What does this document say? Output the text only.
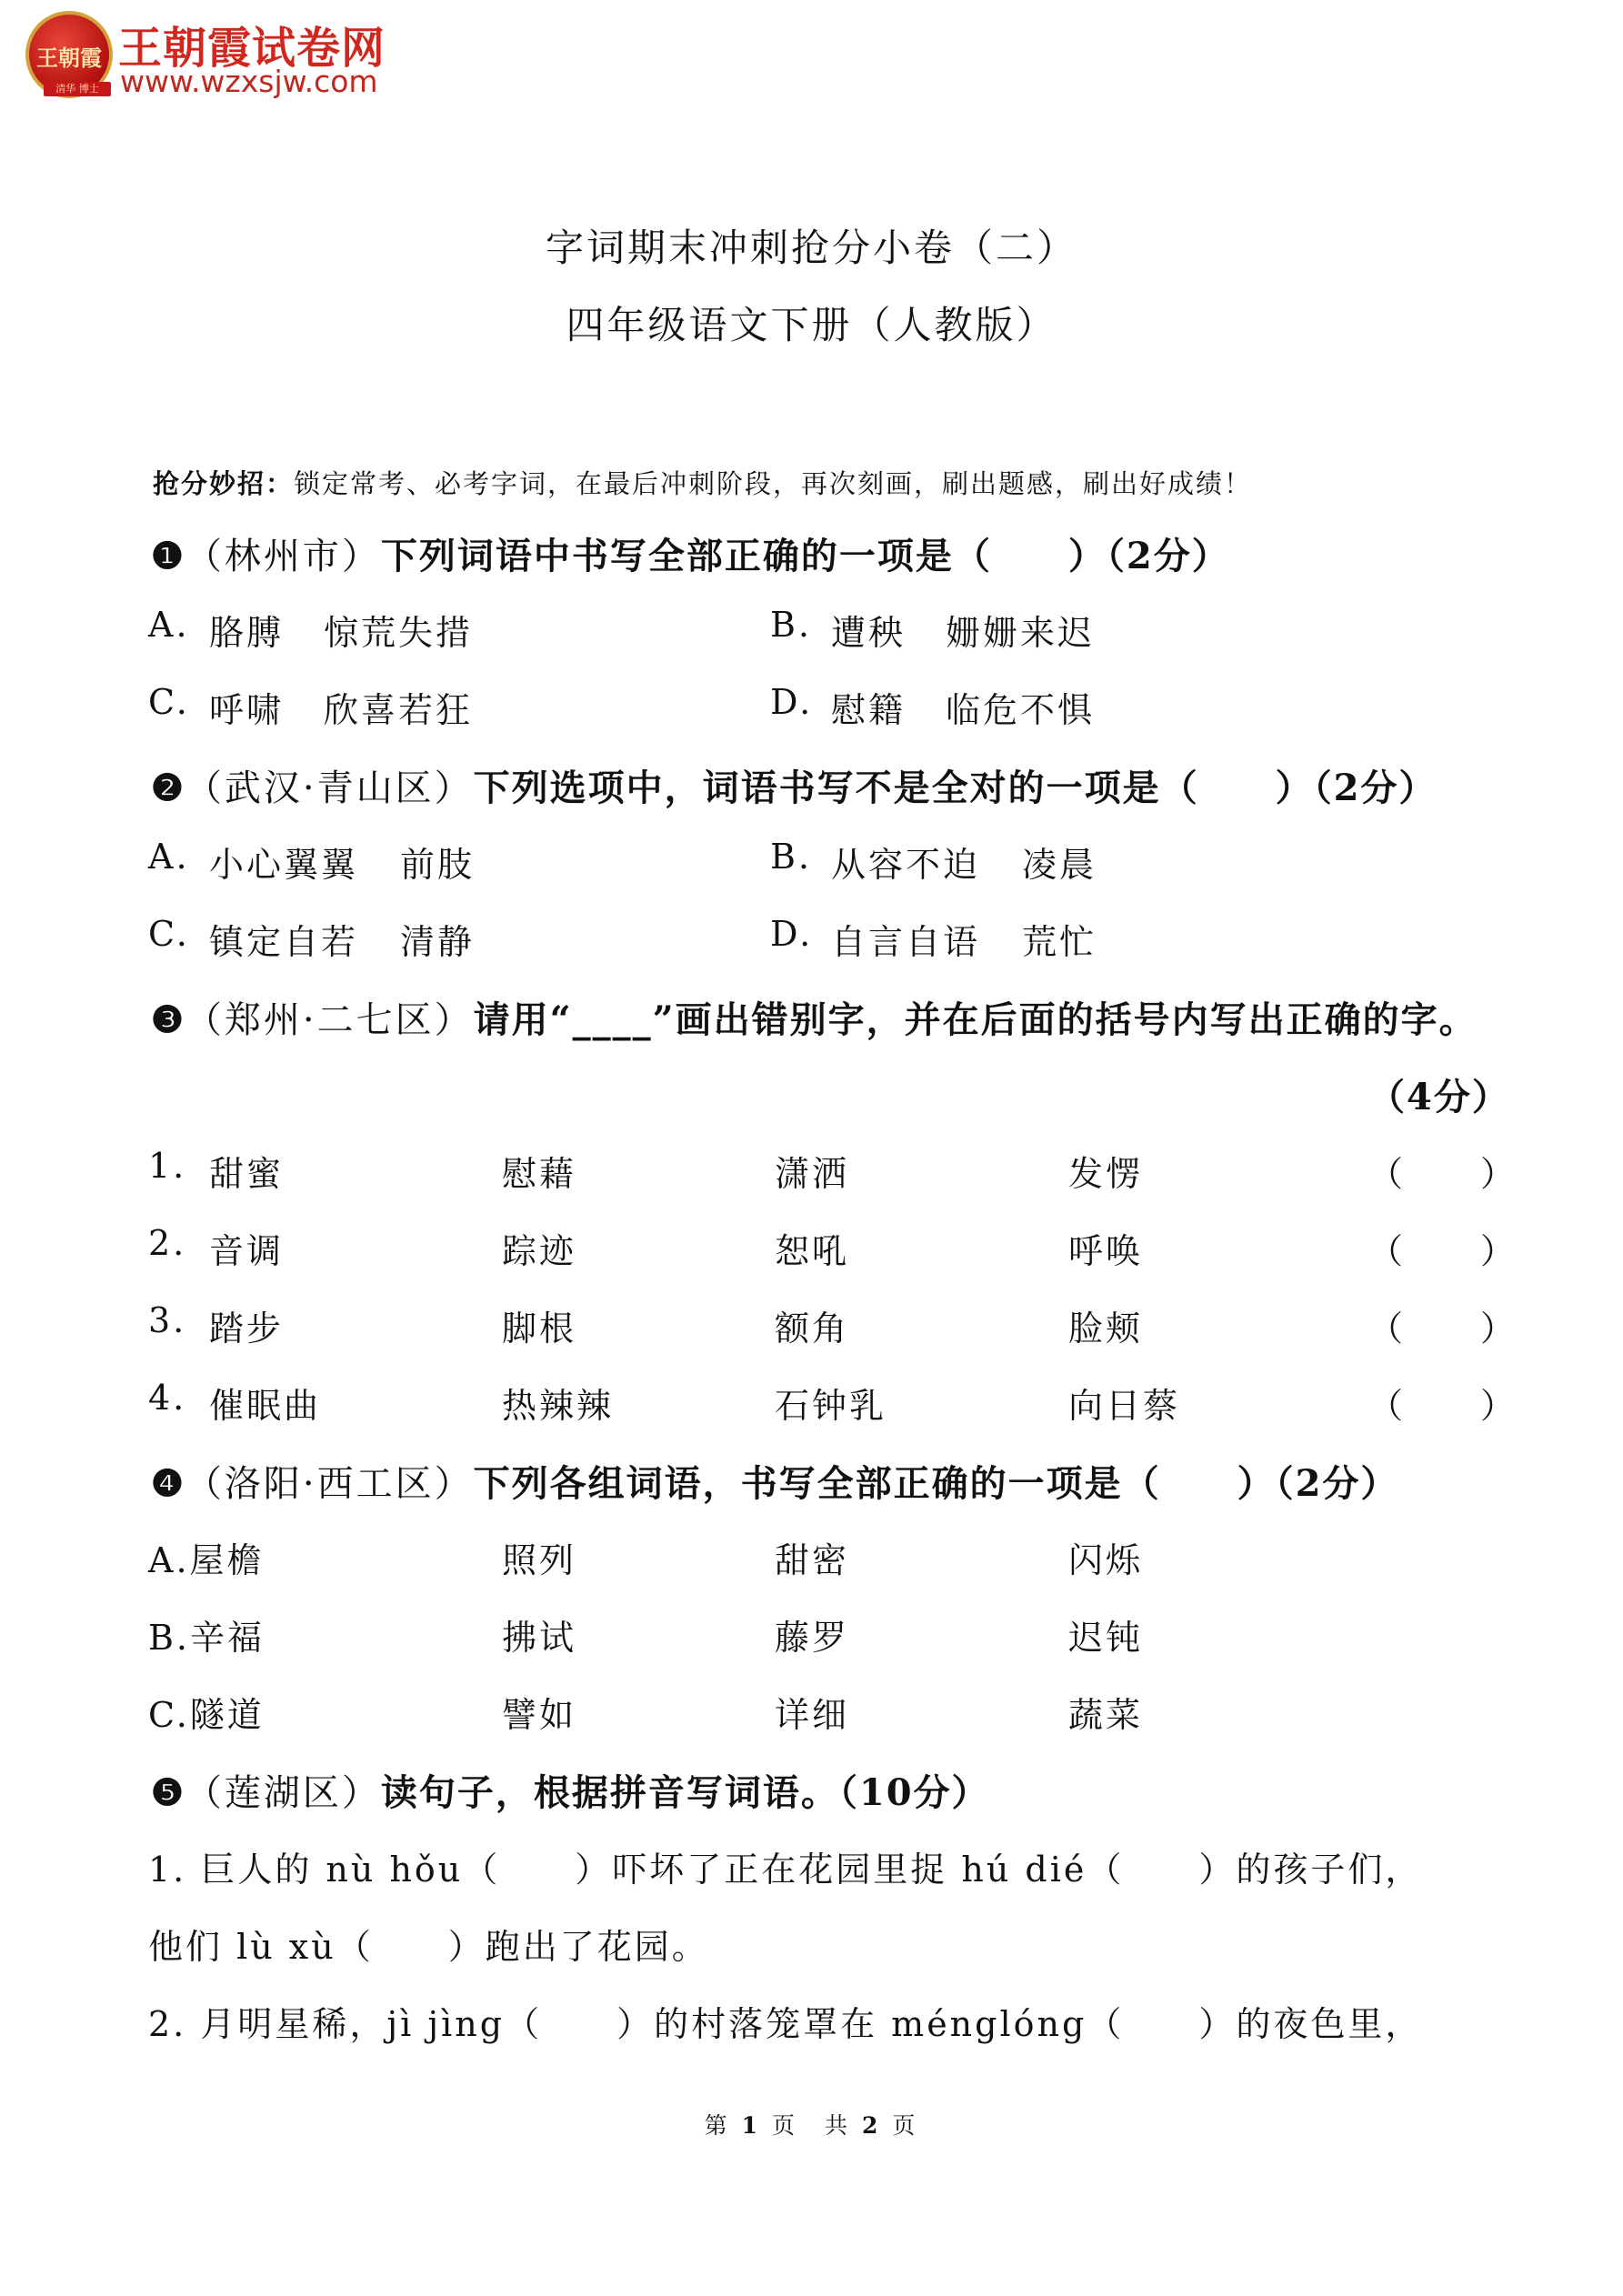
王朝霞
清华 博士
王朝霞试卷网
www.wzxsjw.com
字词期末冲刺抢分小卷（二）
四年级语文下册（人教版）
抢分妙招：锁定常考、必考字词，在最后冲刺阶段，再次刻画，刷出题感，刷出好成绩！
❶（林州市）下列词语中书写全部正确的一项是（　　）（2分）
A. 胳膊 惊荒失措	B. 遭秧 姗姗来迟
C. 呼啸 欣喜若狂	D. 慰籍 临危不惧
❷（武汉·青山区）下列选项中，词语书写不是全对的一项是（　　）（2分）
A. 小心翼翼 前肢	B. 从容不迫 凌晨
C. 镇定自若 清静	D. 自言自语 荒忙
❸（郑州·二七区）请用“____”画出错别字，并在后面的括号内写出正确的字。
（4分）
1. 甜蜜	慰藉	潇洒	发愣	（　　）
2. 音调	踪迹	恕吼	呼唤	（　　）
3. 踏步	脚根	额角	脸颊	（　　）
4. 催眠曲	热辣辣	石钟乳	向日蔡	（　　）
❹（洛阳·西工区）下列各组词语，书写全部正确的一项是（　　）（2分）
A.屋檐	照列	甜密	闪烁
B.辛福	拂试	藤罗	迟钝
C.隧道	譬如	详细	蔬菜
❺（莲湖区）读句子，根据拼音写词语。（10分）
1. 巨人的 nù hǒu（　　）吓坏了正在花园里捉 hú dié（　　）的孩子们，
他们 lù xù（　　）跑出了花园。
2. 月明星稀，jì jìng（　　）的村落笼罩在 ménglóng（　　）的夜色里，
第 1 页　共 2 页
